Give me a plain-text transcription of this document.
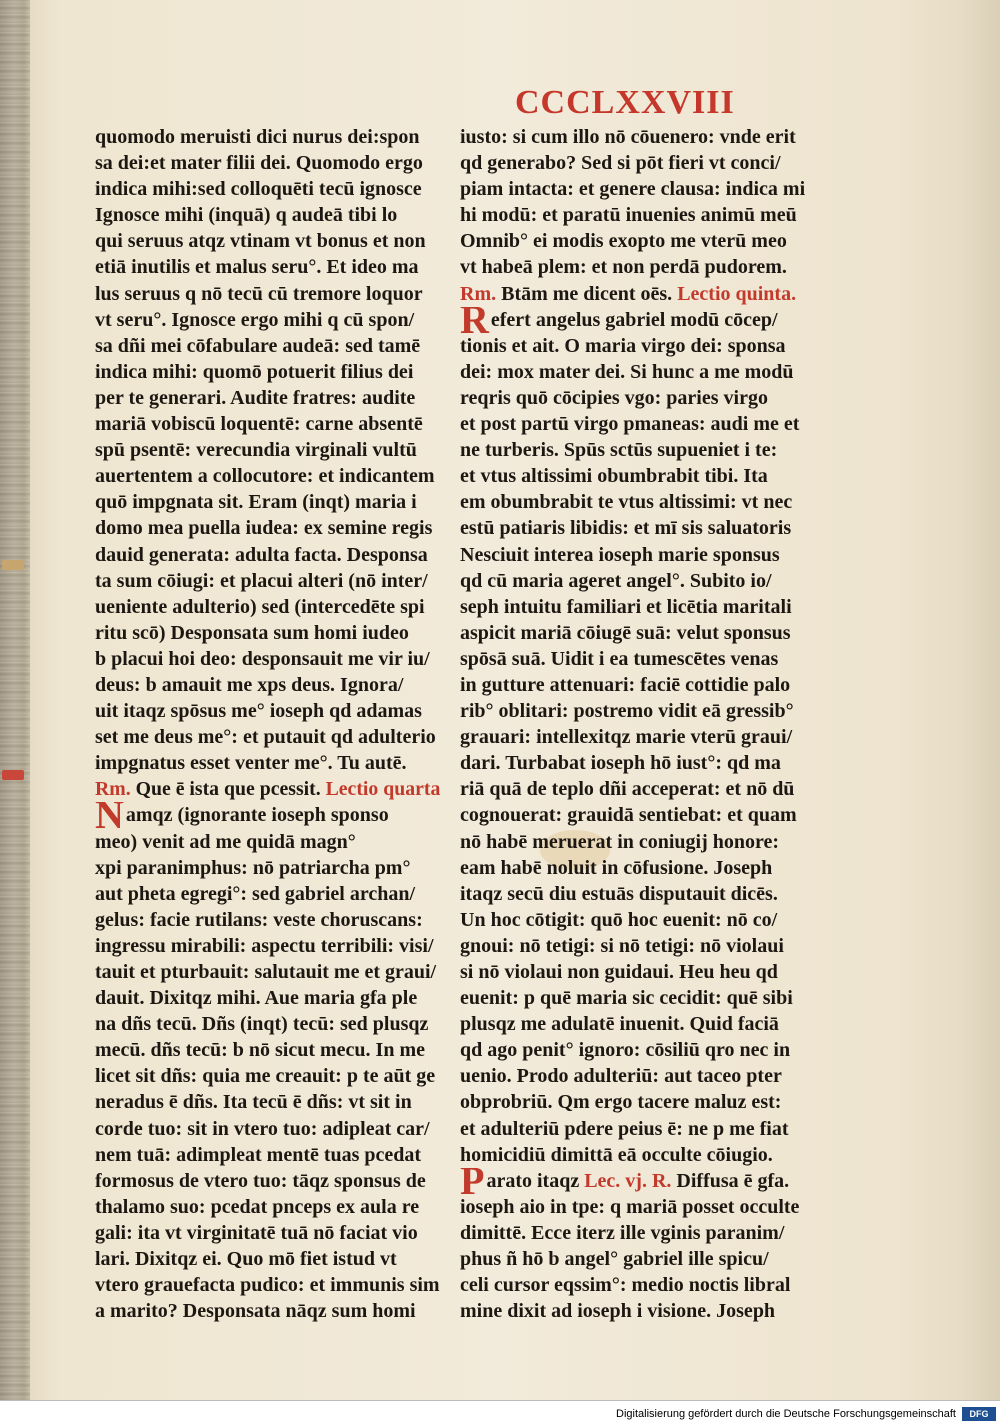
CCCLXXVIII
quomodo meruisti dici nurus dei:spon
sa dei:et mater filii dei. Quomodo ergo
indica mihi:sed colloquēti tecū ignosce
Ignosce mihi (inquā) q audeā tibi lo
qui seruus atqz vtinam vt bonus et non
etiā inutilis et malus seru°. Et ideo ma
lus seruus q nō tecū cū tremore loquor
vt seru°. Ignosce ergo mihi q cū spon/
sa dñi mei cōfabulare audeā: sed tamē
indica mihi: quomō potuerit filius dei
per te generari. Audite fratres: audite
mariā vobiscū loquentē: carne absentē
spū psentē: verecundia virginali vultū
auertentem a collocutore: et indicantem
quō impgnata sit. Eram (inqt) maria i
domo mea puella iudea: ex semine regis
dauid generata: adulta facta. Desponsa
ta sum cōiugi: et placui alteri (nō inter/
ueniente adulterio) sed (intercedēte spi
ritu scō) Desponsata sum homi iudeo
b placui hoi deo: desponsauit me vir iu/
deus: b amauit me xps deus. Ignora/
uit itaqz spōsus me° ioseph qd adamas
set me deus me°: et putauit qd adulterio
impgnatus esset venter me°. Tu autē.
Rm. Que ē ista que pcessit. Lectio quarta
Namqz (ignorante ioseph sponso
meo) venit ad me quidā magn°
xpi paranimphus: nō patriarcha pm°
aut pheta egregi°: sed gabriel archan/
gelus: facie rutilans: veste choruscans:
ingressu mirabili: aspectu terribili: visi/
tauit et pturbauit: salutauit me et graui/
dauit. Dixitqz mihi. Aue maria gfa ple
na dñs tecū. Dñs (inqt) tecū: sed plusqz
mecū. dñs tecū: b nō sicut mecu. In me
licet sit dñs: quia me creauit: p te aūt ge
neradus ē dñs. Ita tecū ē dñs: vt sit in
corde tuo: sit in vtero tuo: adipleat car/
nem tuā: adimpleat mentē tuas pcedat
formosus de vtero tuo: tāqz sponsus de
thalamo suo: pcedat pnceps ex aula re
gali: ita vt virginitatē tuā nō faciat vio
lari. Dixitqz ei. Quo mō fiet istud vt
vtero grauefacta pudico: et immunis sim
a marito? Desponsata nāqz sum homi
iusto: si cum illo nō cōuenero: vnde erit
qd generabo? Sed si pōt fieri vt conci/
piam intacta: et genere clausa: indica mi
hi modū: et paratū inuenies animū meū
Omnib° ei modis exopto me vterū meo
vt habeā plem: et non perdā pudorem.
Rm. Btām me dicent oēs. Lectio quinta.
Refert angelus gabriel modū cōcep/
tionis et ait. O maria virgo dei: sponsa
dei: mox mater dei. Si hunc a me modū
reqris quō cōcipies vgo: paries virgo
et post partū virgo pmaneas: audi me et
ne turberis. Spūs sctūs supueniet i te:
et vtus altissimi obumbrabit tibi. Ita
em obumbrabit te vtus altissimi: vt nec
estū patiaris libidis: et mī sis saluatoris
Nesciuit interea ioseph marie sponsus
qd cū maria ageret angel°. Subito io/
seph intuitu familiari et licētia maritali
aspicit mariā cōiugē suā: velut sponsus
spōsā suā. Uidit i ea tumescētes venas
in gutture attenuari: faciē cottidie palo
rib° oblitari: postremo vidit eā gressib°
grauari: intellexitqz marie vterū graui/
dari. Turbabat ioseph hō iust°: qd ma
riā quā de teplo dñi acceperat: et nō dū
cognouerat: grauidā sentiebat: et quam
nō habē meruerat in coniugij honore:
eam habē noluit in cōfusione. Joseph
itaqz secū diu estuās disputauit dicēs.
Un hoc cōtigit: quō hoc euenit: nō co/
gnoui: nō tetigi: si nō tetigi: nō violaui
si nō violaui non guidaui. Heu heu qd
euenit: p quē maria sic cecidit: quē sibi
plusqz me adulatē inuenit. Quid faciā
qd ago penit° ignoro: cōsiliū qro nec in
uenio. Prodo adulteriū: aut taceo pter
obprobriū. Qm ergo tacere maluz est:
et adulteriū pdere peius ē: ne p me fiat
homicidiū dimittā eā occulte cōiugio.
Parato itaqz Lec. vj. R. Diffusa ē gfa.
ioseph aio in tpe: q mariā posset occulte
dimittē. Ecce iterz ille vginis paranim/
phus ñ hō b angel° gabriel ille spicu/
celi cursor eqssim°: medio noctis libral
mine dixit ad ioseph i visione. Joseph
Digitalisierung gefördert durch die Deutsche Forschungsgemeinschaft	DFG
